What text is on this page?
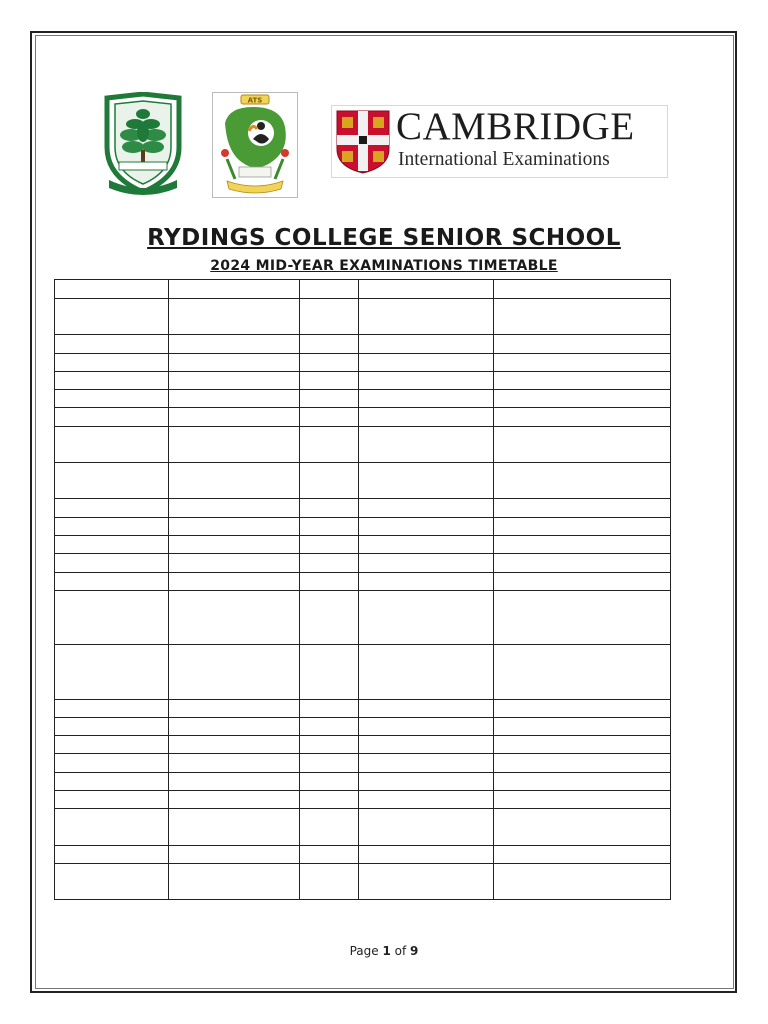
ATS
CAMBRIDGE
International Examinations
RYDINGS COLLEGE SENIOR SCHOOL
2024 MID-YEAR EXAMINATIONS TIMETABLE

Page 1 of 9
